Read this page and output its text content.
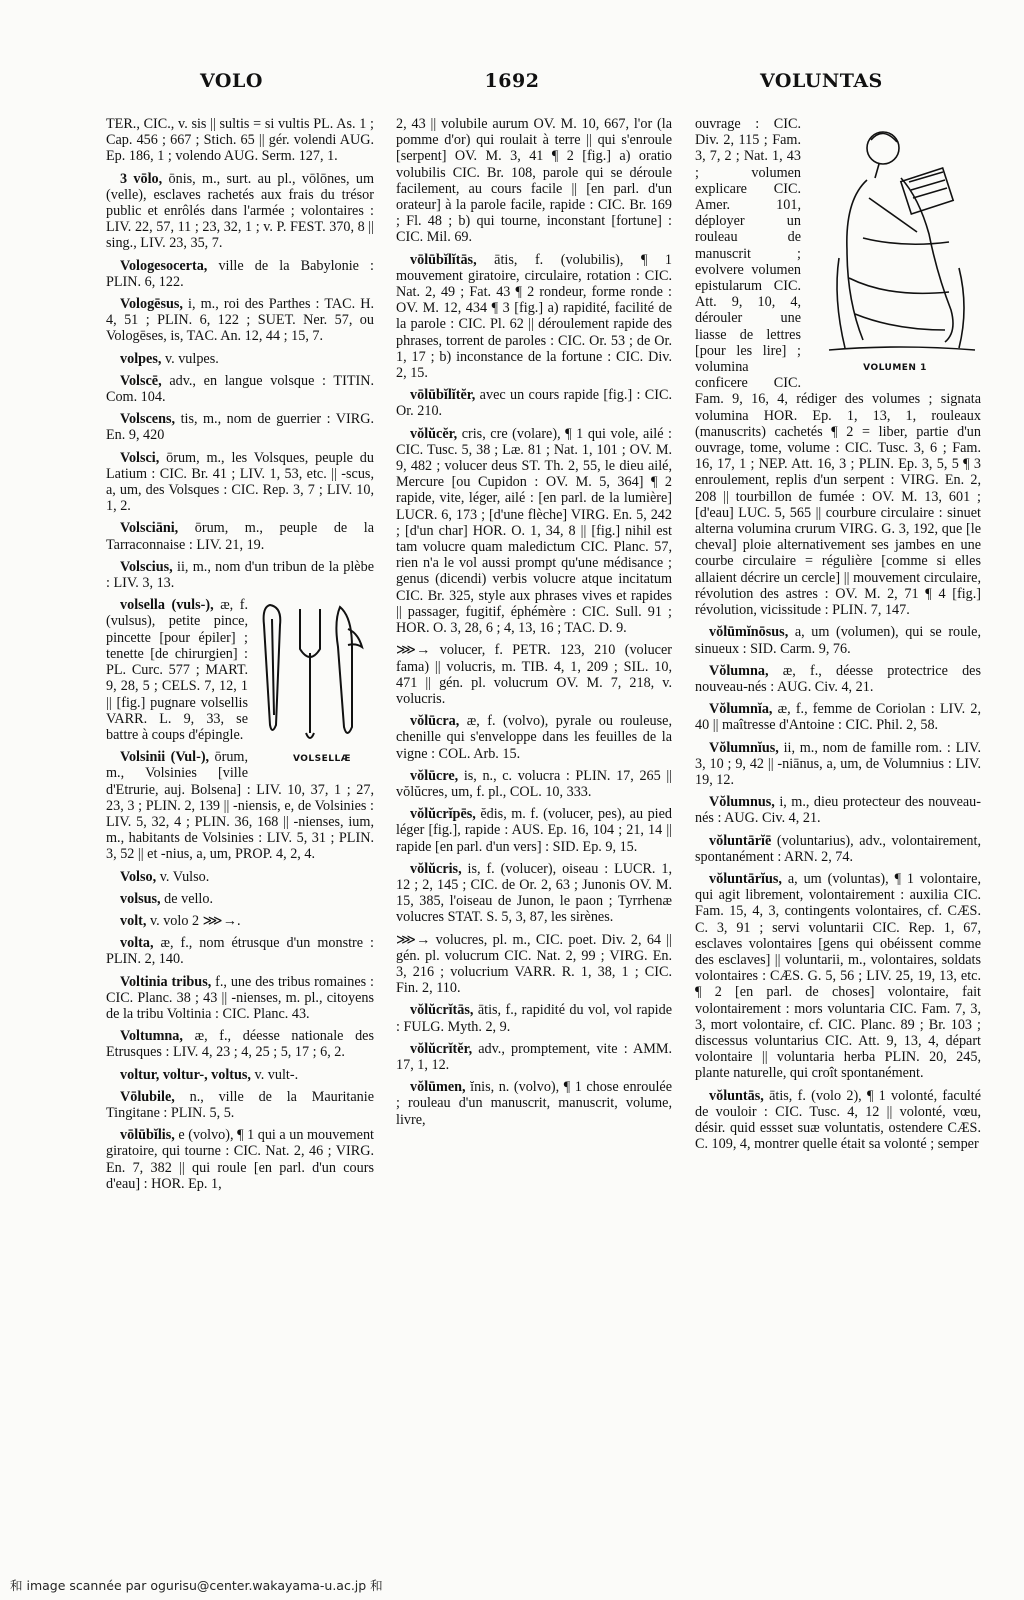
VOLO	1692	VOLUNTAS

TER., CIC., v. sis || sultis = si vultis PL. As. 1 ; Cap. 456 ; 667 ; Stich. 65 || gér. volendi AUG. Ep. 186, 1 ; volendo AUG. Serm. 127, 1.

3 vōlo, ōnis, m., surt. au pl., vōlōnes, um (velle), esclaves rachetés aux frais du trésor public et enrôlés dans l'armée ; volontaires : LIV. 22, 57, 11 ; 23, 32, 1 ; v. P. FEST. 370, 8 || sing., LIV. 23, 35, 7.

Vologesocerta, ville de la Babylonie : PLIN. 6, 122.

Vologēsus, i, m., roi des Parthes : TAC. H. 4, 51 ; PLIN. 6, 122 ; SUET. Ner. 57, ou Vologēses, is, TAC. An. 12, 44 ; 15, 7.

volpes, v. vulpes.

Volscē, adv., en langue volsque : TITIN. Com. 104.

Volscens, tis, m., nom de guerrier : VIRG. En. 9, 420

Volsci, ōrum, m., les Volsques, peuple du Latium : CIC. Br. 41 ; LIV. 1, 53, etc. || -scus, a, um, des Volsques : CIC. Rep. 3, 7 ; LIV. 10, 1, 2.

Volsciāni, ōrum, m., peuple de la Tarraconnaise : LIV. 21, 19.

Volscius, ii, m., nom d'un tribun de la plèbe : LIV. 3, 13.

VOLSELLÆ
volsella (vuls-), æ, f. (vulsus), petite pince, pincette [pour épiler] ; tenette [de chirurgien] : PL. Curc. 577 ; MART. 9, 28, 5 ; CELS. 7, 12, 1 || [fig.] pugnare volsellis VARR. L. 9, 33, se battre à coups d'épingle.

Volsinii (Vul-), ōrum, m., Volsinies [ville d'Etrurie, auj. Bolsena] : LIV. 10, 37, 1 ; 27, 23, 3 ; PLIN. 2, 139 || -niensis, e, de Volsinies : LIV. 5, 32, 4 ; PLIN. 36, 168 || -nienses, ium, m., habitants de Volsinies : LIV. 5, 31 ; PLIN. 3, 52 || et -nius, a, um, PROP. 4, 2, 4.

Volso, v. Vulso.

volsus, de vello.

volt, v. volo 2 ⋙→.

volta, æ, f., nom étrusque d'un monstre : PLIN. 2, 140.

Voltinia tribus, f., une des tribus romaines : CIC. Planc. 38 ; 43 || -nienses, m. pl., citoyens de la tribu Voltinia : CIC. Planc. 43.

Voltumna, æ, f., déesse nationale des Etrusques : LIV. 4, 23 ; 4, 25 ; 5, 17 ; 6, 2.

voltur, voltur-, voltus, v. vult-.

Vōlubile, n., ville de la Mauritanie Tingitane : PLIN. 5, 5.

vōlūbĭlis, e (volvo), ¶ 1 qui a un mouvement giratoire, qui tourne : CIC. Nat. 2, 46 ; VIRG. En. 7, 382 || qui roule [en parl. d'un cours d'eau] : HOR. Ep. 1,

2, 43 || volubile aurum OV. M. 10, 667, l'or (la pomme d'or) qui roulait à terre || qui s'enroule [serpent] OV. M. 3, 41 ¶ 2 [fig.] a) oratio volubilis CIC. Br. 108, parole qui se déroule facilement, au cours facile || [en parl. d'un orateur] à la parole facile, rapide : CIC. Br. 169 ; Fl. 48 ; b) qui tourne, inconstant [fortune] : CIC. Mil. 69.

vōlūbĭlĭtās, ātis, f. (volubilis), ¶ 1 mouvement giratoire, circulaire, rotation : CIC. Nat. 2, 49 ; Fat. 43 ¶ 2 rondeur, forme ronde : OV. M. 12, 434 ¶ 3 [fig.] a) rapidité, facilité de la parole : CIC. Pl. 62 || déroulement rapide des phrases, torrent de paroles : CIC. Or. 53 ; de Or. 1, 17 ; b) inconstance de la fortune : CIC. Div. 2, 15.

vōlūbĭlĭtĕr, avec un cours rapide [fig.] : CIC. Or. 210.

vŏlŭcĕr, cris, cre (volare), ¶ 1 qui vole, ailé : CIC. Tusc. 5, 38 ; Læ. 81 ; Nat. 1, 101 ; OV. M. 9, 482 ; volucer deus ST. Th. 2, 55, le dieu ailé, Mercure [ou Cupidon : OV. M. 5, 364] ¶ 2 rapide, vite, léger, ailé : [en parl. de la lumière] LUCR. 6, 173 ; [d'une flèche] VIRG. En. 5, 242 ; [d'un char] HOR. O. 1, 34, 8 || [fig.] nihil est tam volucre quam maledictum CIC. Planc. 57, rien n'a le vol aussi prompt qu'une médisance ; genus (dicendi) verbis volucre atque incitatum CIC. Br. 325, style aux phrases vives et rapides || passager, fugitif, éphémère : CIC. Sull. 91 ; HOR. O. 3, 28, 6 ; 4, 13, 16 ; TAC. D. 9.

⋙→ volucer, f. PETR. 123, 210 (volucer fama) || volucris, m. TIB. 4, 1, 209 ; SIL. 10, 471 || gén. pl. volucrum OV. M. 7, 218, v. volucris.

vŏlūcra, æ, f. (volvo), pyrale ou rouleuse, chenille qui s'enveloppe dans les feuilles de la vigne : COL. Arb. 15.

vŏlūcre, is, n., c. volucra : PLIN. 17, 265 || vŏlŭcres, um, f. pl., COL. 10, 333.

vŏlŭcrĭpēs, ĕdis, m. f. (volucer, pes), au pied léger [fig.], rapide : AUS. Ep. 16, 104 ; 21, 14 || rapide [en parl. d'un vers] : SID. Ep. 9, 15.

vŏlŭcris, is, f. (volucer), oiseau : LUCR. 1, 12 ; 2, 145 ; CIC. de Or. 2, 63 ; Junonis OV. M. 15, 385, l'oiseau de Junon, le paon ; Tyrrhenæ volucres STAT. S. 5, 3, 87, les sirènes.

⋙→ volucres, pl. m., CIC. poet. Div. 2, 64 || gén. pl. volucrum CIC. Nat. 2, 99 ; VIRG. En. 3, 216 ; volucrium VARR. R. 1, 38, 1 ; CIC. Fin. 2, 110.

vŏlŭcrĭtās, ātis, f., rapidité du vol, vol rapide : FULG. Myth. 2, 9.

vŏlŭcrĭtĕr, adv., promptement, vite : AMM. 17, 1, 12.

vŏlūmen, ĭnis, n. (volvo), ¶ 1 chose enroulée ; rouleau d'un manuscrit, manuscrit, volume, livre,

VOLUMEN 1
ouvrage : CIC. Div. 2, 115 ; Fam. 3, 7, 2 ; Nat. 1, 43 ; volumen explicare CIC. Amer. 101, déployer un rouleau de manuscrit ; evolvere volumen epistularum CIC. Att. 9, 10, 4, dérouler une liasse de lettres [pour les lire] ; volumina conficere CIC. Fam. 9, 16, 4, rédiger des volumes ; signata volumina HOR. Ep. 1, 13, 1, rouleaux (manuscrits) cachetés ¶ 2 = liber, partie d'un ouvrage, tome, volume : CIC. Tusc. 3, 6 ; Fam. 16, 17, 1 ; NEP. Att. 16, 3 ; PLIN. Ep. 3, 5, 5 ¶ 3 enroulement, replis d'un serpent : VIRG. En. 2, 208 || tourbillon de fumée : OV. M. 13, 601 ; [d'eau] LUC. 5, 565 || courbure circulaire : sinuet alterna volumina crurum VIRG. G. 3, 192, que [le cheval] ploie alternativement ses jambes en une courbe circulaire = régulière [comme si elles allaient décrire un cercle] || mouvement circulaire, révolution des astres : OV. M. 2, 71 ¶ 4 [fig.] révolution, vicissitude : PLIN. 7, 147.

vŏlūmĭnōsus, a, um (volumen), qui se roule, sinueux : SID. Carm. 9, 76.

Vŏlumna, æ, f., déesse protectrice des nouveau-nés : AUG. Civ. 4, 21.

Vŏlumnĭa, æ, f., femme de Coriolan : LIV. 2, 40 || maîtresse d'Antoine : CIC. Phil. 2, 58.

Vŏlumnĭus, ii, m., nom de famille rom. : LIV. 3, 10 ; 9, 42 || -niānus, a, um, de Volumnius : LIV. 19, 12.

Vŏlumnus, i, m., dieu protecteur des nouveau-nés : AUG. Civ. 4, 21.

vŏluntārĭē (voluntarius), adv., volontairement, spontanément : ARN. 2, 74.

vŏluntārĭus, a, um (voluntas), ¶ 1 volontaire, qui agit librement, volontairement : auxilia CIC. Fam. 15, 4, 3, contingents volontaires, cf. CÆS. C. 3, 91 ; servi voluntarii CIC. Rep. 1, 67, esclaves volontaires [gens qui obéissent comme des esclaves] || voluntarii, m., volontaires, soldats volontaires : CÆS. G. 5, 56 ; LIV. 25, 19, 13, etc. ¶ 2 [en parl. de choses] volontaire, fait volontairement : mors voluntaria CIC. Fam. 7, 3, 3, mort volontaire, cf. CIC. Planc. 89 ; Br. 103 ; discessus voluntarius CIC. Att. 9, 13, 4, départ volontaire || voluntaria herba PLIN. 20, 245, plante naturelle, qui croît spontanément.

vŏluntās, ātis, f. (volo 2), ¶ 1 volonté, faculté de vouloir : CIC. Tusc. 4, 12 || volonté, vœu, désir. quid essset suæ voluntatis, ostendere CÆS. C. 109, 4, montrer quelle était sa volonté ; semper

和 image scannée par ogurisu@center.wakayama-u.ac.jp 和
